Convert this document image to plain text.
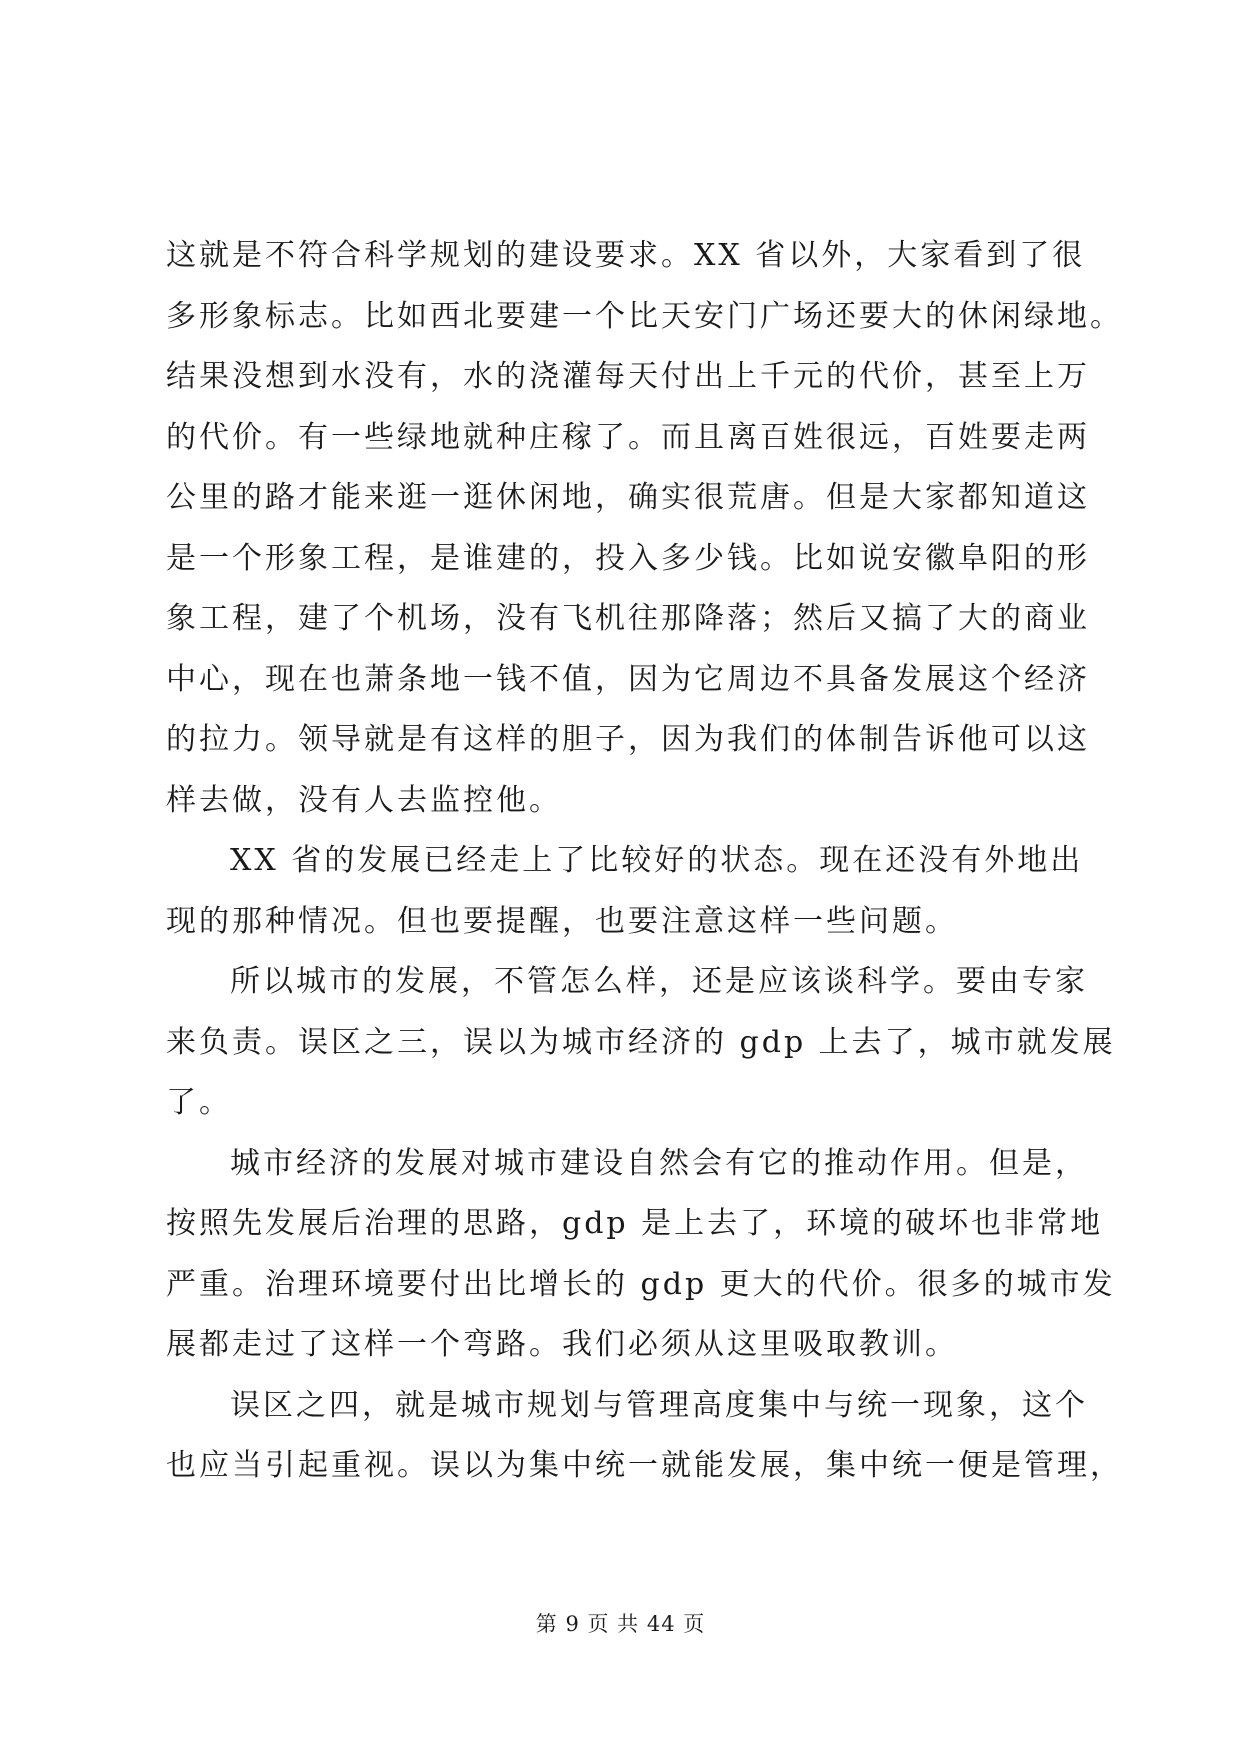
这就是不符合科学规划的建设要求。XX 省以外，大家看到了很
多形象标志。比如西北要建一个比天安门广场还要大的休闲绿地。
结果没想到水没有，水的浇灌每天付出上千元的代价，甚至上万
的代价。有一些绿地就种庄稼了。而且离百姓很远，百姓要走两
公里的路才能来逛一逛休闲地，确实很荒唐。但是大家都知道这
是一个形象工程，是谁建的，投入多少钱。比如说安徽阜阳的形
象工程，建了个机场，没有飞机往那降落；然后又搞了大的商业
中心，现在也萧条地一钱不值，因为它周边不具备发展这个经济
的拉力。领导就是有这样的胆子，因为我们的体制告诉他可以这
样去做，没有人去监控他。
XX 省的发展已经走上了比较好的状态。现在还没有外地出
现的那种情况。但也要提醒，也要注意这样一些问题。
所以城市的发展，不管怎么样，还是应该谈科学。要由专家
来负责。误区之三，误以为城市经济的 gdp 上去了，城市就发展
了。
城市经济的发展对城市建设自然会有它的推动作用。但是，
按照先发展后治理的思路，gdp 是上去了，环境的破坏也非常地
严重。治理环境要付出比增长的 gdp 更大的代价。很多的城市发
展都走过了这样一个弯路。我们必须从这里吸取教训。
误区之四，就是城市规划与管理高度集中与统一现象，这个
也应当引起重视。误以为集中统一就能发展，集中统一便是管理，
第 9 页 共 44 页
